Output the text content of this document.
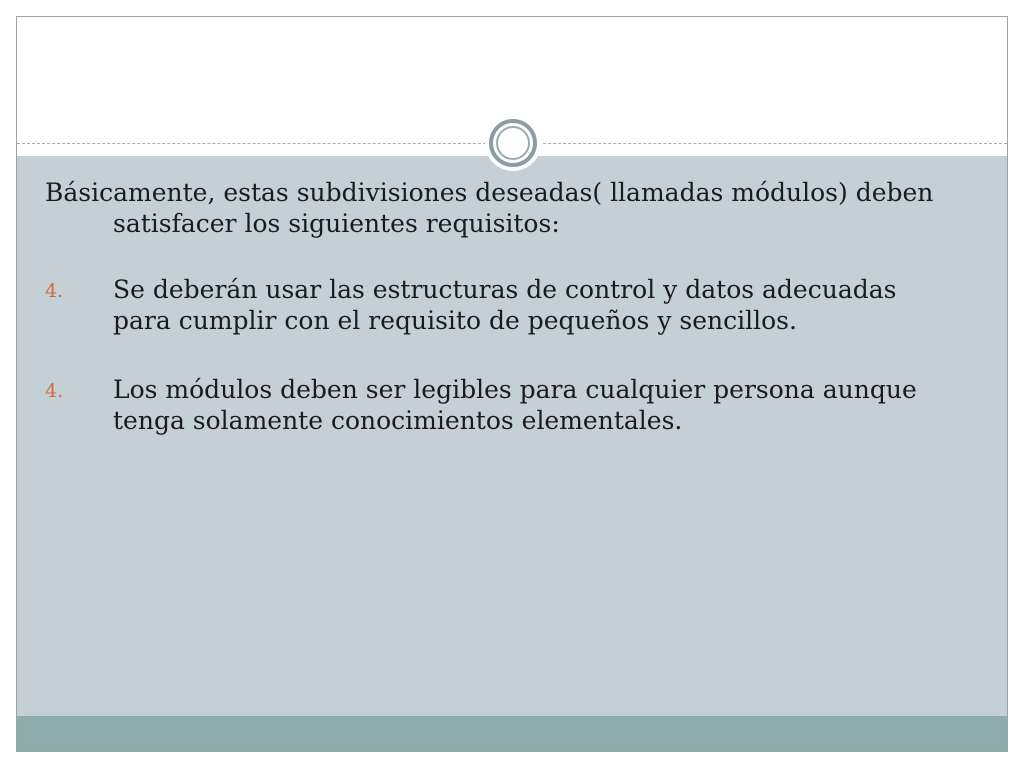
Básicamente, estas subdivisiones deseadas( llamadas módulos) deben satisfacer los siguientes requisitos:

4. Se deberán usar las estructuras de control y datos adecuadas para cumplir con el requisito de pequeños y sencillos.
4. Los módulos deben ser legibles para cualquier persona aunque tenga solamente conocimientos elementales.
